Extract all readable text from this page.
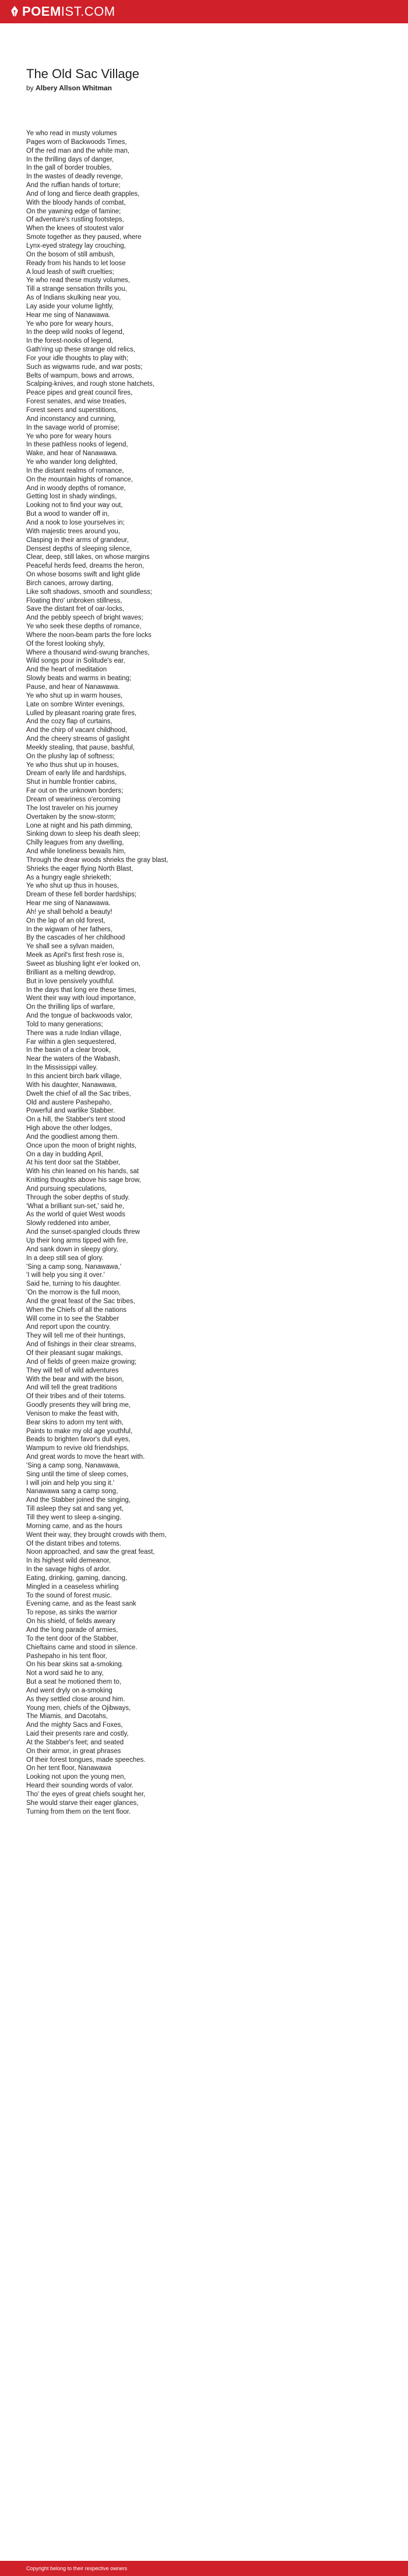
POEMIST.COM
The Old Sac Village
by Albery Allson Whitman
Ye who read in musty volumes
Pages worn of Backwoods Times,
Of the red man and the white man,
In the thrilling days of danger,
In the gall of border troubles,
In the wastes of deadly revenge,
And the ruffian hands of torture;
And of long and fierce death grapples,
With the bloody hands of combat,
On the yawning edge of famine;
Of adventure's rustling footsteps,
When the knees of stoutest valor
Smote together as they paused, where
Lynx-eyed strategy lay crouching,
On the bosom of still ambush,
Ready from his hands to let loose
A loud leash of swift cruelties;
Ye who read these musty volumes,
Till a strange sensation thrills you,
As of Indians skulking near you,
Lay aside your volume lightly,
Hear me sing of Nanawawa.
Ye who pore for weary hours,
In the deep wild nooks of legend,
In the forest-nooks of legend,
Gath'ring up these strange old relics,
For your idle thoughts to play with;
Such as wigwams rude, and war posts;
Belts of wampum, bows and arrows,
Scalping-knives, and rough stone hatchets,
Peace pipes and great council fires,
Forest senates, and wise treaties,
Forest seers and superstitions,
And inconstancy and cunning,
In the savage world of promise;
Ye who pore for weary hours
In these pathless nooks of legend,
Wake, and hear of Nanawawa.
Ye who wander long delighted,
In the distant realms of romance,
On the mountain hights of romance,
And in woody depths of romance,
Getting lost in shady windings,
Looking not to find your way out,
But a wood to wander off in,
And a nook to lose yourselves in;
With majestic trees around you,
Clasping in their arms of grandeur,
Densest depths of sleeping silence,
Clear, deep, still lakes, on whose margins
Peaceful herds feed, dreams the heron,
On whose bosoms swift and light glide
Birch canoes, arrowy darting,
Like soft shadows, smooth and soundless;
Floating thro' unbroken stillness,
Save the distant fret of oar-locks,
And the pebbly speech of bright waves;
Ye who seek these depths of romance,
Where the noon-beam parts the fore locks
Of the forest looking shyly,
Where a thousand wind-swung branches,
Wild songs pour in Solitude's ear,
And the heart of meditation
Slowly beats and warms in beating;
Pause, and hear of Nanawawa.
Ye who shut up in warm houses,
Late on sombre Winter evenings,
Lulled by pleasant roaring grate fires,
And the cozy flap of curtains,
And the chirp of vacant childhood,
And the cheery streams of gaslight
Meekly stealing, that pause, bashful,
On the plushy lap of softness;
Ye who thus shut up in houses,
Dream of early life and hardships,
Shut in humble frontier cabins,
Far out on the unknown borders;
Dream of weariness o'ercoming
The lost traveler on his journey
Overtaken by the snow-storm;
Lone at night and his path dimming,
Sinking down to sleep his death sleep;
Chilly leagues from any dwelling,
And while loneliness bewails him,
Through the drear woods shrieks the gray blast,
Shrieks the eager flying North Blast,
As a hungry eagle shrieketh;
Ye who shut up thus in houses,
Dream of these fell border hardships;
Hear me sing of Nanawawa.
Ah! ye shall behold a beauty!
On the lap of an old forest,
In the wigwam of her fathers,
By the cascades of her childhood
Ye shall see a sylvan maiden,
Meek as April's first fresh rose is,
Sweet as blushing light e'er looked on,
Brilliant as a melting dewdrop,
But in love pensively youthful.
In the days that long ere these times,
Went their way with loud importance,
On the thrilling lips of warfare,
And the tongue of backwoods valor,
Told to many generations;
There was a rude Indian village,
Far within a glen sequestered,
In the basin of a clear brook,
Near the waters of the Wabash,
In the Mississippi valley.
In this ancient birch bark village,
With his daughter, Nanawawa,
Dwelt the chief of all the Sac tribes,
Old and austere Pashepaho,
Powerful and warlike Stabber.
On a hill, the Stabber's tent stood
High above the other lodges,
And the goodliest among them.
Once upon the moon of bright nights,
On a day in budding April,
At his tent door sat the Stabber,
With his chin leaned on his hands, sat
Knitting thoughts above his sage brow,
And pursuing speculations,
Through the sober depths of study.
'What a brilliant sun-set,' said he,
As the world of quiet West woods
Slowly reddened into amber,
And the sunset-spangled clouds threw
Up their long arms tipped with fire,
And sank down in sleepy glory,
In a deep still sea of glory.
'Sing a camp song, Nanawawa,'
'I will help you sing it over.'
Said he, turning to his daughter.
'On the morrow is the full moon,
And the great feast of the Sac tribes,
When the Chiefs of all the nations
Will come in to see the Stabber
And report upon the country.
They will tell me of their huntings,
And of fishings in their clear streams,
Of their pleasant sugar makings,
And of fields of green maize growing;
They will tell of wild adventures
With the bear and with the bison,
And will tell the great traditions
Of their tribes and of their totems.
Goodly presents they will bring me,
Venison to make the feast with,
Bear skins to adorn my tent with,
Paints to make my old age youthful,
Beads to brighten favor's dull eyes,
Wampum to revive old friendships,
And great words to move the heart with.
'Sing a camp song, Nanawawa,
Sing until the time of sleep comes,
I will join and help you sing it.'
Nanawawa sang a camp song,
And the Stabber joined the singing,
Till asleep they sat and sang yet,
Till they went to sleep a-singing.
Morning came, and as the hours
Went their way, they brought crowds with them,
Of the distant tribes and totems.
Noon approached, and saw the great feast,
In its highest wild demeanor,
In the savage highs of ardor.
Eating, drinking, gaming, dancing,
Mingled in a ceaseless whirling
To the sound of forest music.
Evening came, and as the feast sank
To repose, as sinks the warrior
On his shield, of fields aweary
And the long parade of armies,
To the tent door of the Stabber,
Chieftains came and stood in silence.
Pashepaho in his tent floor,
On his bear skins sat a-smoking.
Not a word said he to any,
But a seat he motioned them to,
And went dryly on a-smoking
As they settled close around him.
Young men, chiefs of the Ojibways,
The Miamis, and Dacotahs,
And the mighty Sacs and Foxes,
Laid their presents rare and costly,
At the Stabber's feet; and seated
On their armor, in great phrases
Of their forest tongues, made speeches.
On her tent floor, Nanawawa
Looking not upon the young men,
Heard their sounding words of valor.
Tho' the eyes of great chiefs sought her,
She would starve their eager glances,
Turning from them on the tent floor.
Copyright belong to their respective owners
